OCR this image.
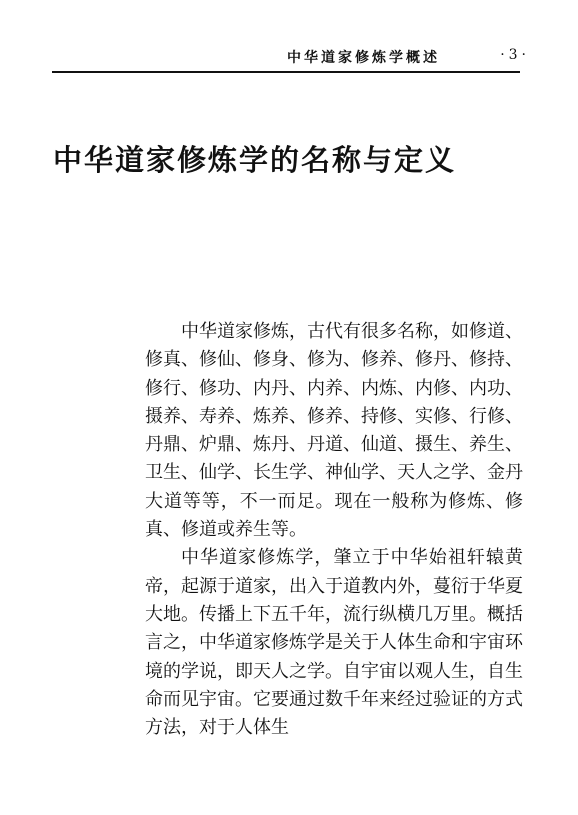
中华道家修炼学概述	·3·
中华道家修炼学的名称与定义

中华道家修炼，古代有很多名称，如修道、修真、修仙、修身、修为、修养、修丹、修持、修行、修功、内丹、内养、内炼、内修、内功、摄养、寿养、炼养、修养、持修、实修、行修、丹鼎、炉鼎、炼丹、丹道、仙道、摄生、养生、卫生、仙学、长生学、神仙学、天人之学、金丹大道等等，不一而足。现在一般称为修炼、修真、修道或养生等。

中华道家修炼学，肇立于中华始祖轩辕黄帝，起源于道家，出入于道教内外，蔓衍于华夏大地。传播上下五千年，流行纵横几万里。概括言之，中华道家修炼学是关于人体生命和宇宙环境的学说，即天人之学。自宇宙以观人生，自生命而见宇宙。它要通过数千年来经过验证的方式方法，对于人体生
